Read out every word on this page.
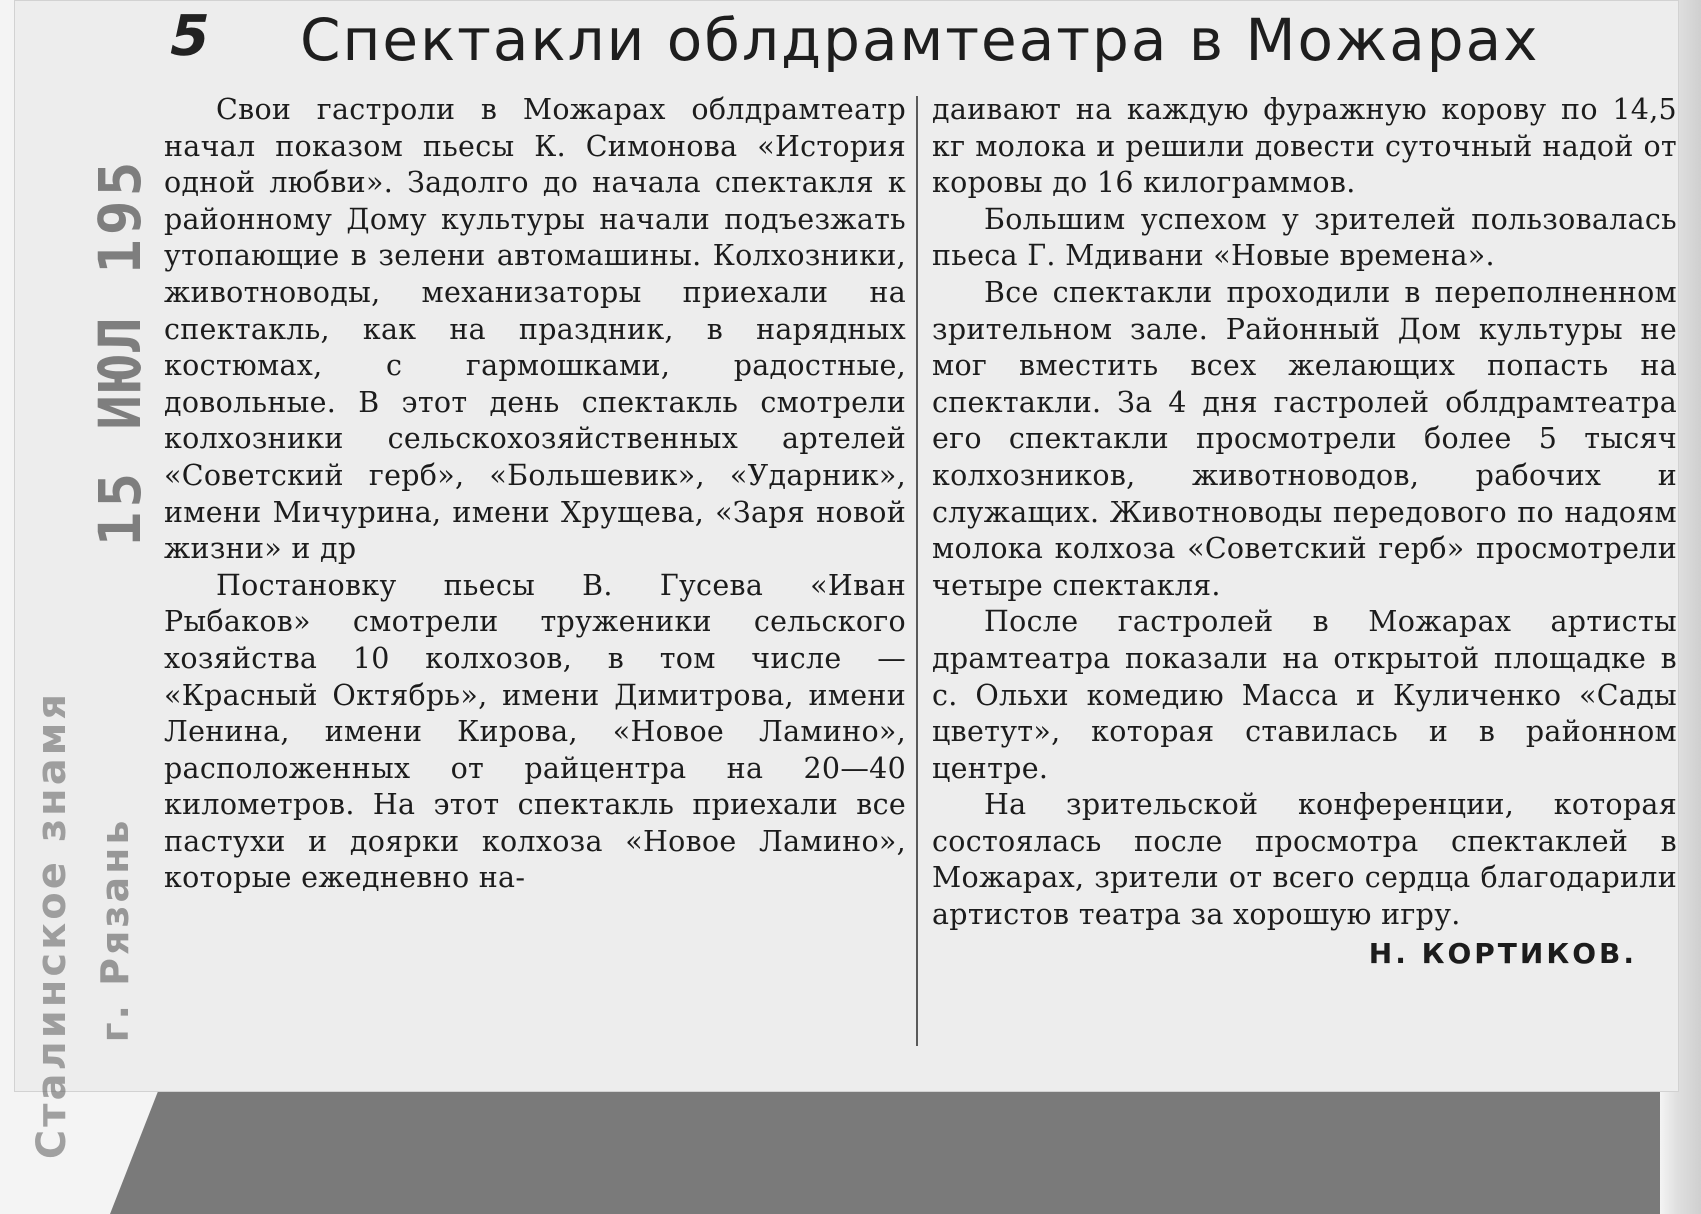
15 ИЮЛ 195
Сталинское знамя г. Рязань
5 Спектакли облдрамтеатра в Можарах

Свои гастроли в Можарах облдрамтеатр начал показом пьесы К. Симонова «История одной любви». Задолго до начала спектакля к районному Дому культуры начали подъезжать утопающие в зелени автомашины. Колхозники, животноводы, механизаторы приехали на спектакль, как на праздник, в нарядных костюмах, с гармошками, радостные, довольные. В этот день спектакль смотрели колхозники сельскохозяйственных артелей «Советский герб», «Большевик», «Ударник», имени Мичурина, имени Хрущева, «Заря новой жизни» и др

Постановку пьесы В. Гусева «Иван Рыбаков» смотрели труженики сельского хозяйства 10 колхозов, в том числе — «Красный Октябрь», имени Димитрова, имени Ленина, имени Кирова, «Новое Ламино», расположенных от райцентра на 20—40 километров. На этот спектакль приехали все пастухи и доярки колхоза «Новое Ламино», которые ежедневно на-

даивают на каждую фуражную корову по 14,5 кг молока и решили довести суточный надой от коровы до 16 килограммов.

Большим успехом у зрителей пользовалась пьеса Г. Мдивани «Новые времена».

Все спектакли проходили в переполненном зрительном зале. Районный Дом культуры не мог вместить всех желающих попасть на спектакли. За 4 дня гастролей облдрамтеатра его спектакли просмотрели более 5 тысяч колхозников, животноводов, рабочих и служащих. Животноводы передового по надоям молока колхоза «Советский герб» просмотрели четыре спектакля.

После гастролей в Можарах артисты драмтеатра показали на открытой площадке в с. Ольхи комедию Масса и Куличенко «Сады цветут», которая ставилась и в районном центре.

На зрительской конференции, которая состоялась после просмотра спектаклей в Можарах, зрители от всего сердца благодарили артистов театра за хорошую игру.

Н. КОРТИКОВ.
